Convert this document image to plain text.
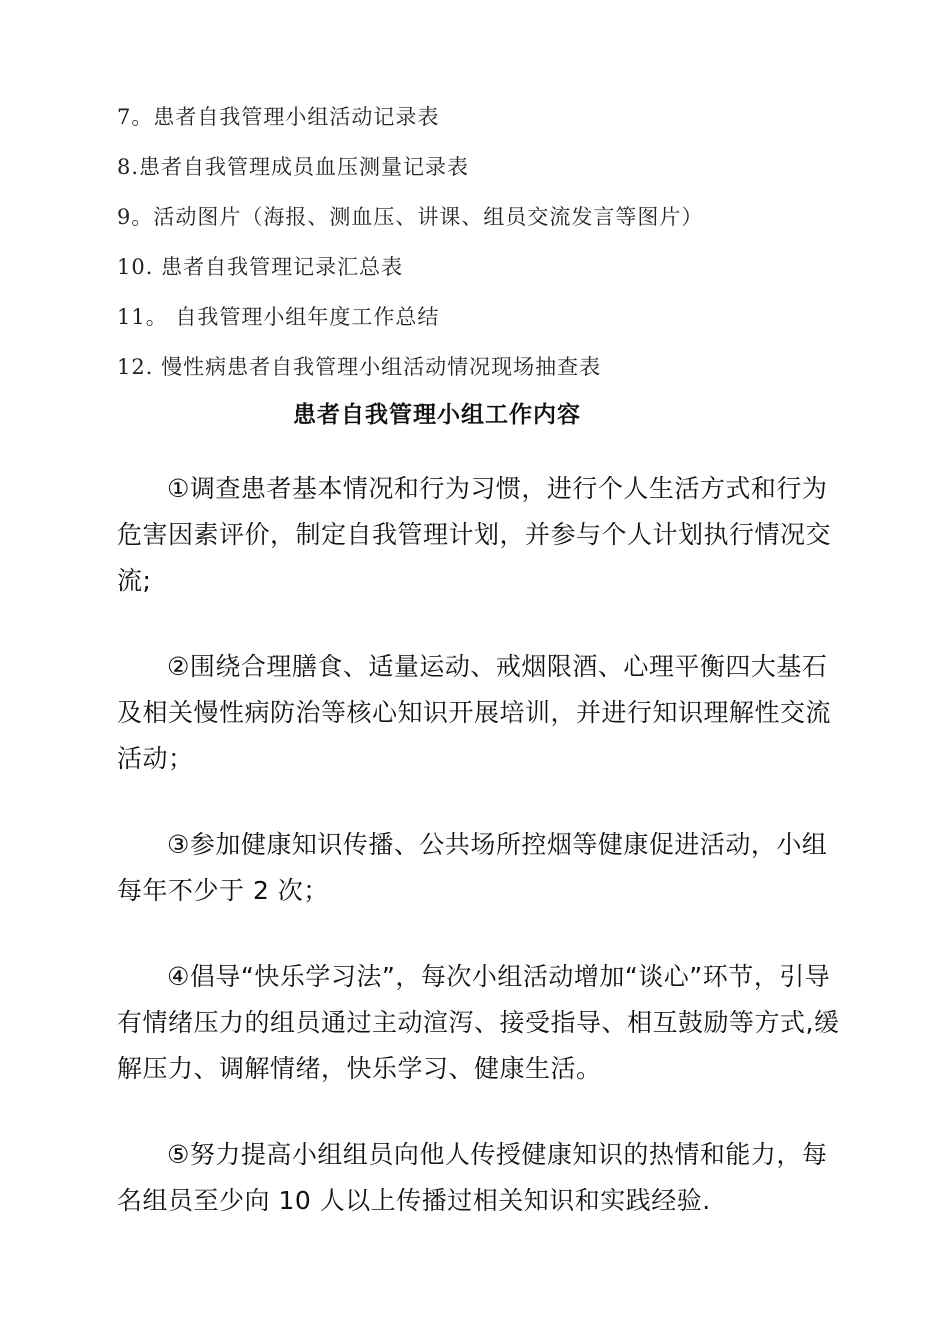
7。患者自我管理小组活动记录表
8.患者自我管理成员血压测量记录表
9。活动图片（海报、测血压、讲课、组员交流发言等图片）
10. 患者自我管理记录汇总表
11。 自我管理小组年度工作总结
12. 慢性病患者自我管理小组活动情况现场抽查表
患者自我管理小组工作内容

①调查患者基本情况和行为习惯，进行个人生活方式和行为危害因素评价，制定自我管理计划，并参与个人计划执行情况交流;

②围绕合理膳食、适量运动、戒烟限酒、心理平衡四大基石及相关慢性病防治等核心知识开展培训，并进行知识理解性交流活动；

③参加健康知识传播、公共场所控烟等健康促进活动，小组每年不少于 2 次；

④倡导“快乐学习法”，每次小组活动增加“谈心”环节，引导有情绪压力的组员通过主动渲泻、接受指导、相互鼓励等方式,缓解压力、调解情绪，快乐学习、健康生活。

⑤努力提高小组组员向他人传授健康知识的热情和能力，每名组员至少向 10 人以上传播过相关知识和实践经验.
